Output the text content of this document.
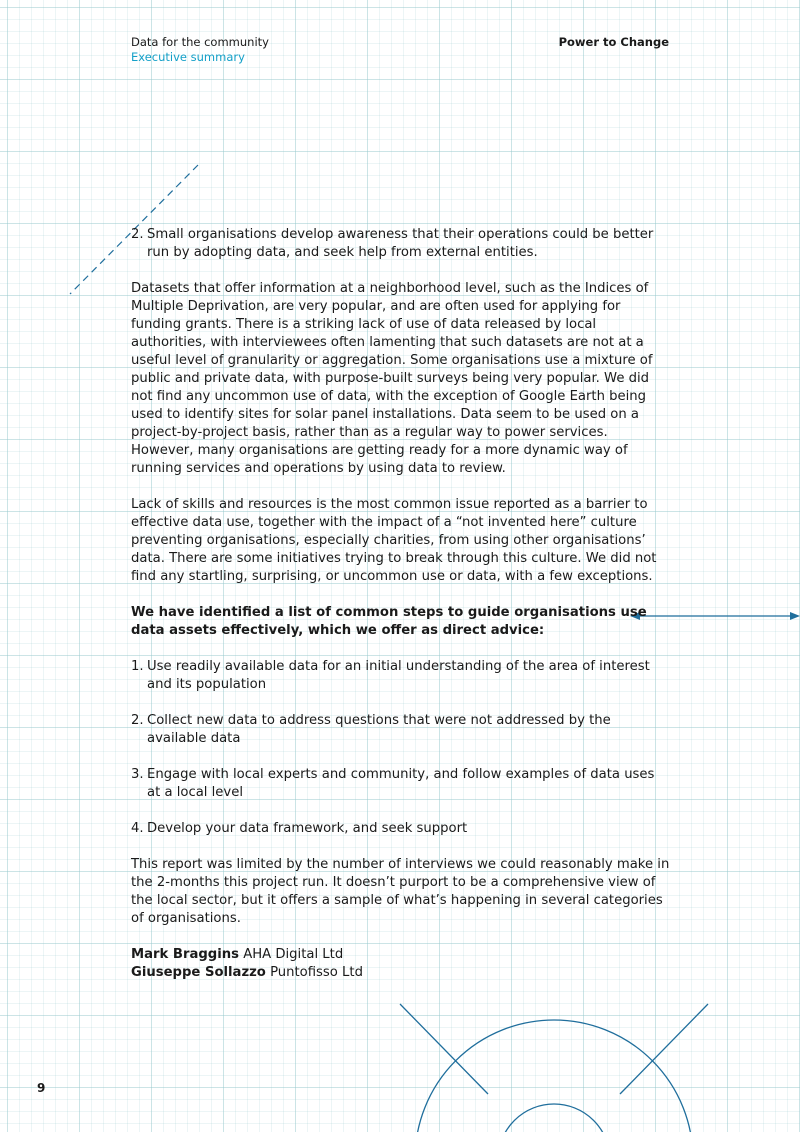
Data for the community
Executive summary
Power to Change

2. Small organisations develop awareness that their operations could be better run by adopting data, and seek help from external entities.

Datasets that offer information at a neighborhood level, such as the Indices of Multiple Deprivation, are very popular, and are often used for applying for funding grants. There is a striking lack of use of data released by local authorities, with interviewees often lamenting that such datasets are not at a useful level of granularity or aggregation. Some organisations use a mixture of public and private data, with purpose-built surveys being very popular. We did not find any uncommon use of data, with the exception of Google Earth being used to identify sites for solar panel installations. Data seem to be used on a project-by-project basis, rather than as a regular way to power services. However, many organisations are getting ready for a more dynamic way of running services and operations by using data to review.

Lack of skills and resources is the most common issue reported as a barrier to effective data use, together with the impact of a “not invented here” culture preventing organisations, especially charities, from using other organisations’ data. There are some initiatives trying to break through this culture. We did not find any startling, surprising, or uncommon use or data, with a few exceptions.

We have identified a list of common steps to guide organisations use data assets effectively, which we offer as direct advice:

1. Use readily available data for an initial understanding of the area of interest and its population

2. Collect new data to address questions that were not addressed by the available data

3. Engage with local experts and community, and follow examples of data uses at a local level

4. Develop your data framework, and seek support

This report was limited by the number of interviews we could reasonably make in the 2-months this project run. It doesn’t purport to be a comprehensive view of the local sector, but it offers a sample of what’s happening in several categories of organisations.

Mark Braggins AHA Digital Ltd

Giuseppe Sollazzo Puntofisso Ltd

9
